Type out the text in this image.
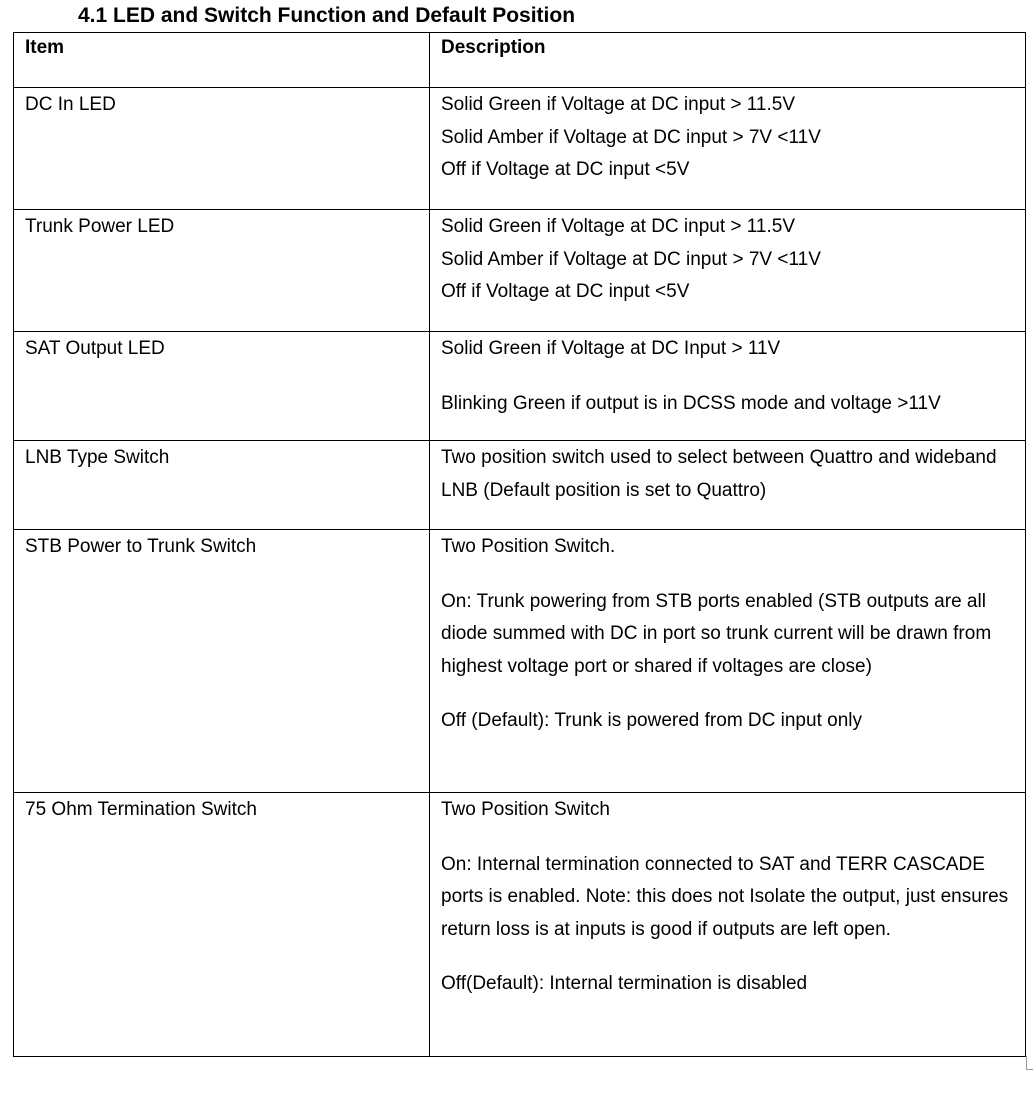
4.1 LED and Switch Function and Default Position
Item	Description
DC In LED	Solid Green if Voltage at DC input > 11.5V
Solid Amber if Voltage at DC input > 7V <11V
Off if Voltage at DC input <5V

Trunk Power LED	Solid Green if Voltage at DC input > 11.5V
Solid Amber if Voltage at DC input > 7V <11V
Off if Voltage at DC input <5V

SAT Output LED	Solid Green if Voltage at DC Input > 11V

Blinking Green if output is in DCSS mode and voltage >11V

LNB Type Switch	Two position switch used to select between Quattro and wideband LNB (Default position is set to Quattro)

STB Power to Trunk Switch	Two Position Switch.

On: Trunk powering from STB ports enabled (STB outputs are all diode summed with DC in port so trunk current will be drawn from highest voltage port or shared if voltages are close)

Off (Default): Trunk is powered from DC input only

75 Ohm Termination Switch	Two Position Switch

On: Internal termination connected to SAT and TERR CASCADE ports is enabled. Note: this does not Isolate the output, just ensures return loss is at inputs is good if outputs are left open.

Off(Default): Internal termination is disabled
